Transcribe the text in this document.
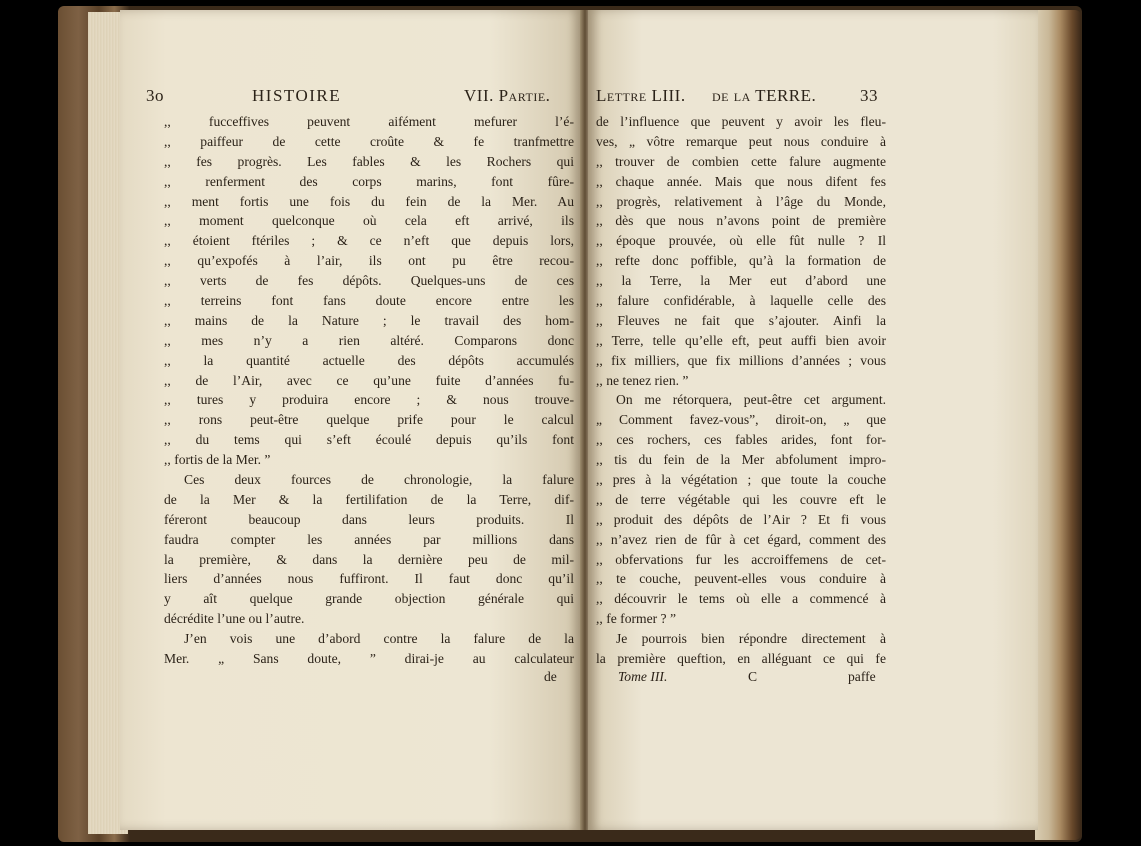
3o	HISTOIRE	VII. Partie.
,, fucceffives peuvent aifément mefurer l’é-
,, paiffeur de cette croûte & fe tranfmettre
,, fes progrès. Les fables & les Rochers qui
,, renferment des corps marins, font fûre-
,, ment fortis une fois du fein de la Mer. Au
,, moment quelconque où cela eft arrivé, ils
,, étoient ftériles ; & ce n’eft que depuis lors,
,, qu’expofés à l’air, ils ont pu être recou-
,, verts de fes dépôts. Quelques-uns de ces
,, terreins font fans doute encore entre les
,, mains de la Nature ; le travail des hom-
,, mes n’y a rien altéré. Comparons donc
,, la quantité actuelle des dépôts accumulés
,, de l’Air, avec ce qu’une fuite d’années fu-
,, tures y produira encore ; & nous trouve-
,, rons peut-être quelque prife pour le calcul
,, du tems qui s’eft écoulé depuis qu’ils font
,, fortis de la Mer. ”
Ces deux fources de chronologie, la falure
de la Mer & la fertilifation de la Terre, dif-
féreront beaucoup dans leurs produits. Il
faudra compter les années par millions dans
la première, & dans la dernière peu de mil-
liers d’années nous fuffiront. Il faut donc qu’il
y aît quelque grande objection générale qui
décrédite l’une ou l’autre.
J’en vois une d’abord contre la falure de la
Mer. „ Sans doute, ” dirai-je au calculateur
de
Lettre LIII. de la TERRE.	33
de l’influence que peuvent y avoir les fleu-
ves, „ vôtre remarque peut nous conduire à
,, trouver de combien cette falure augmente
,, chaque année. Mais que nous difent fes
,, progrès, relativement à l’âge du Monde,
,, dès que nous n’avons point de première
,, époque prouvée, où elle fût nulle ? Il
,, refte donc poffible, qu’à la formation de
,, la Terre, la Mer eut d’abord une
,, falure confidérable, à laquelle celle des
,, Fleuves ne fait que s’ajouter. Ainfi la
,, Terre, telle qu’elle eft, peut auffi bien avoir
,, fix milliers, que fix millions d’années ; vous
,, ne tenez rien. ”
On me rétorquera, peut-être cet argument.
„ Comment favez-vous”, diroit-on, „ que
,, ces rochers, ces fables arides, font for-
,, tis du fein de la Mer abfolument impro-
,, pres à la végétation ; que toute la couche
,, de terre végétable qui les couvre eft le
,, produit des dépôts de l’Air ? Et fi vous
,, n’avez rien de fûr à cet égard, comment des
,, obfervations fur les accroiffemens de cet-
,, te couche, peuvent-elles vous conduire à
,, découvrir le tems où elle a commencé à
,, fe former ? ”
Je pourrois bien répondre directement à
la première queftion, en alléguant ce qui fe
Tome III.	C	paffe
